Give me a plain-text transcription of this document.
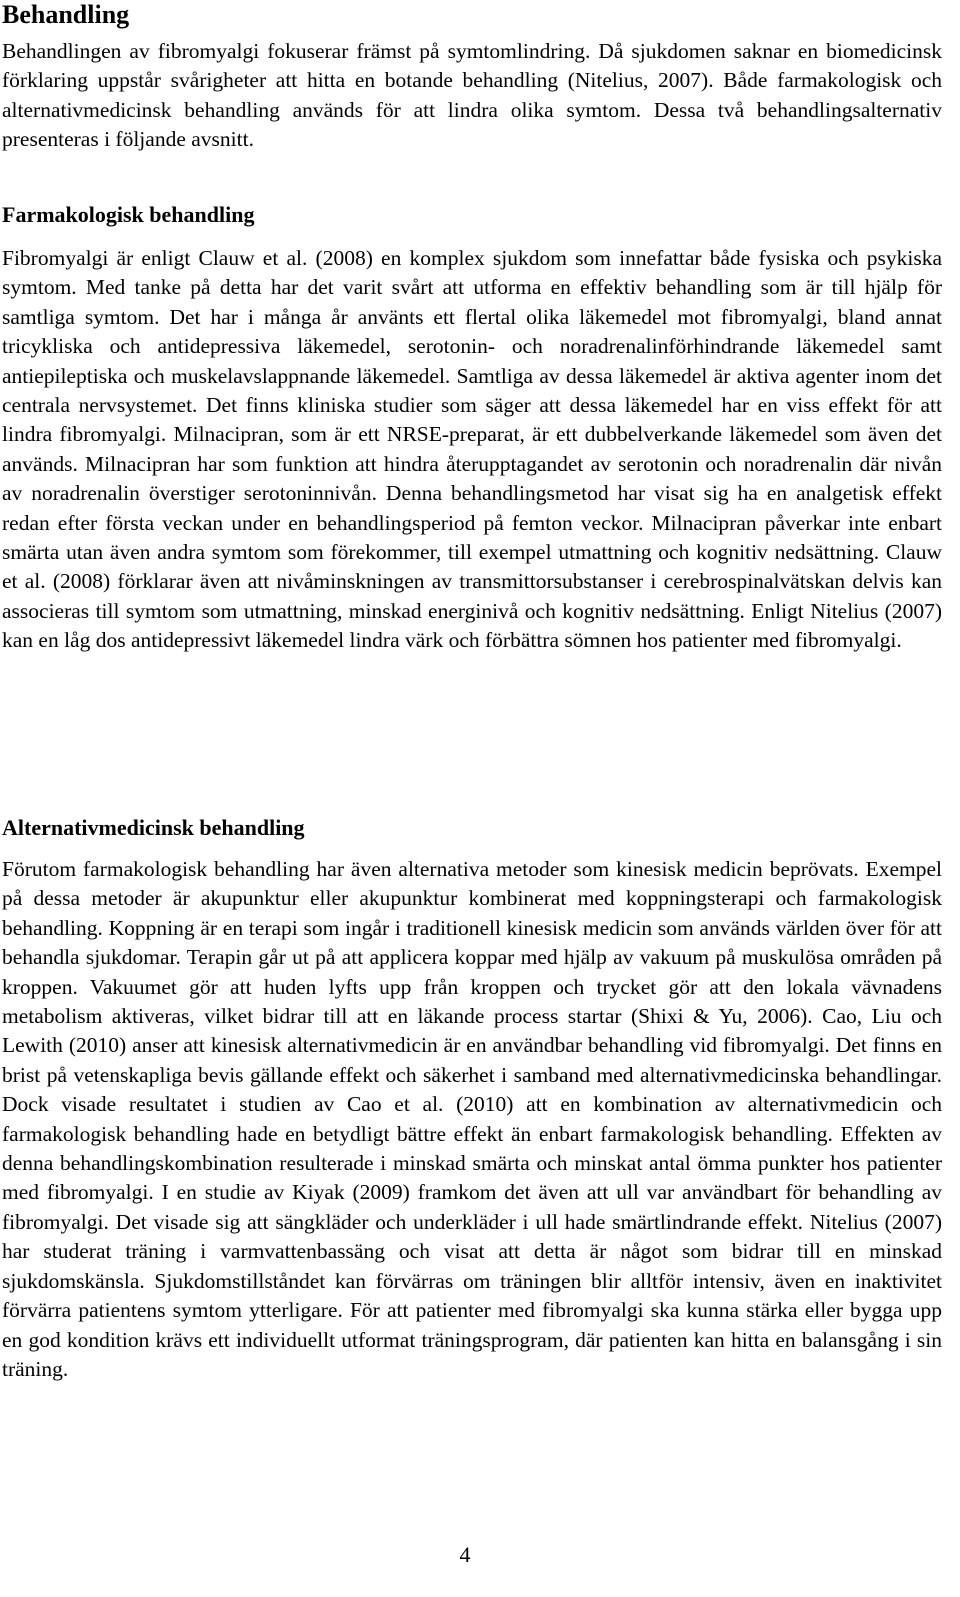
Behandling

Behandlingen av fibromyalgi fokuserar främst på symtomlindring. Då sjukdomen saknar en biomedicinsk förklaring uppstår svårigheter att hitta en botande behandling (Nitelius, 2007). Både farmakologisk och alternativmedicinsk behandling används för att lindra olika symtom. Dessa två behandlingsalternativ presenteras i följande avsnitt.

Farmakologisk behandling

Fibromyalgi är enligt Clauw et al. (2008) en komplex sjukdom som innefattar både fysiska och psykiska symtom. Med tanke på detta har det varit svårt att utforma en effektiv behandling som är till hjälp för samtliga symtom. Det har i många år använts ett flertal olika läkemedel mot fibromyalgi, bland annat tricykliska och antidepressiva läkemedel, serotonin- och noradrenalinförhindrande läkemedel samt antiepileptiska och muskelavslappnande läkemedel. Samtliga av dessa läkemedel är aktiva agenter inom det centrala nervsystemet. Det finns kliniska studier som säger att dessa läkemedel har en viss effekt för att lindra fibromyalgi. Milnacipran, som är ett NRSE-preparat, är ett dubbelverkande läkemedel som även det används. Milnacipran har som funktion att hindra återupptagandet av serotonin och noradrenalin där nivån av noradrenalin överstiger serotoninnivån. Denna behandlingsmetod har visat sig ha en analgetisk effekt redan efter första veckan under en behandlingsperiod på femton veckor. Milnacipran påverkar inte enbart smärta utan även andra symtom som förekommer, till exempel utmattning och kognitiv nedsättning. Clauw et al. (2008) förklarar även att nivåminskningen av transmittorsubstanser i cerebrospinalvätskan delvis kan associeras till symtom som utmattning, minskad energinivå och kognitiv nedsättning. Enligt Nitelius (2007) kan en låg dos antidepressivt läkemedel lindra värk och förbättra sömnen hos patienter med fibromyalgi.

Alternativmedicinsk behandling

Förutom farmakologisk behandling har även alternativa metoder som kinesisk medicin beprövats. Exempel på dessa metoder är akupunktur eller akupunktur kombinerat med koppningsterapi och farmakologisk behandling. Koppning är en terapi som ingår i traditionell kinesisk medicin som används världen över för att behandla sjukdomar. Terapin går ut på att applicera koppar med hjälp av vakuum på muskulösa områden på kroppen. Vakuumet gör att huden lyfts upp från kroppen och trycket gör att den lokala vävnadens metabolism aktiveras, vilket bidrar till att en läkande process startar (Shixi & Yu, 2006). Cao, Liu och Lewith (2010) anser att kinesisk alternativmedicin är en användbar behandling vid fibromyalgi. Det finns en brist på vetenskapliga bevis gällande effekt och säkerhet i samband med alternativmedicinska behandlingar. Dock visade resultatet i studien av Cao et al. (2010) att en kombination av alternativmedicin och farmakologisk behandling hade en betydligt bättre effekt än enbart farmakologisk behandling. Effekten av denna behandlingskombination resulterade i minskad smärta och minskat antal ömma punkter hos patienter med fibromyalgi. I en studie av Kiyak (2009) framkom det även att ull var användbart för behandling av fibromyalgi. Det visade sig att sängkläder och underkläder i ull hade smärtlindrande effekt. Nitelius (2007) har studerat träning i varmvattenbassäng och visat att detta är något som bidrar till en minskad sjukdomskänsla. Sjukdomstillståndet kan förvärras om träningen blir alltför intensiv, även en inaktivitet förvärra patientens symtom ytterligare. För att patienter med fibromyalgi ska kunna stärka eller bygga upp en god kondition krävs ett individuellt utformat träningsprogram, där patienten kan hitta en balansgång i sin träning.

4
